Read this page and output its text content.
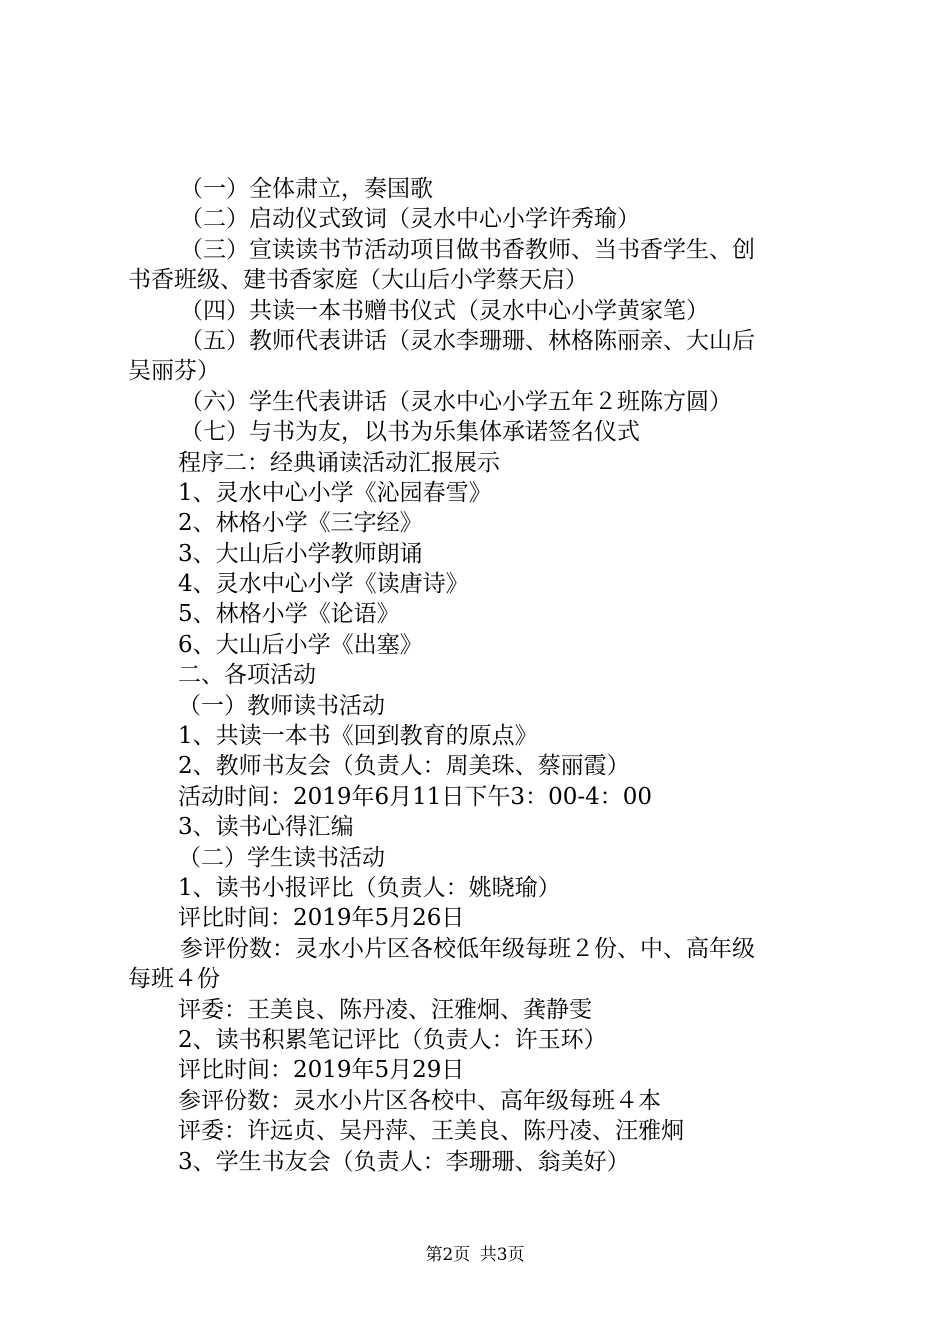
（一）全体肃立，奏国歌
（二）启动仪式致词（灵水中心小学许秀瑜）
（三）宣读读书节活动项目做书香教师、当书香学生、创
书香班级、建书香家庭（大山后小学蔡天启）
（四）共读一本书赠书仪式（灵水中心小学黄家笔）
（五）教师代表讲话（灵水李珊珊、林格陈丽亲、大山后
吴丽芬）
（六）学生代表讲话（灵水中心小学五年２班陈方圆）
（七）与书为友，以书为乐集体承诺签名仪式
程序二：经典诵读活动汇报展示
1、灵水中心小学《沁园春雪》
2、林格小学《三字经》
3、大山后小学教师朗诵
4、灵水中心小学《读唐诗》
5、林格小学《论语》
6、大山后小学《出塞》
二、各项活动
（一）教师读书活动
1、共读一本书《回到教育的原点》
2、教师书友会（负责人：周美珠、蔡丽霞）
活动时间：2019年6月11日下午3：00-4：00
3、读书心得汇编
（二）学生读书活动
1、读书小报评比（负责人：姚晓瑜）
评比时间：2019年5月26日
参评份数：灵水小片区各校低年级每班２份、中、高年级
每班４份
评委：王美良、陈丹凌、汪雅炯、龚静雯
2、读书积累笔记评比（负责人：许玉环）
评比时间：2019年5月29日
参评份数：灵水小片区各校中、高年级每班４本
评委：许远贞、吴丹萍、王美良、陈丹凌、汪雅炯
3、学生书友会（负责人：李珊珊、翁美好）
第2页 共3页
